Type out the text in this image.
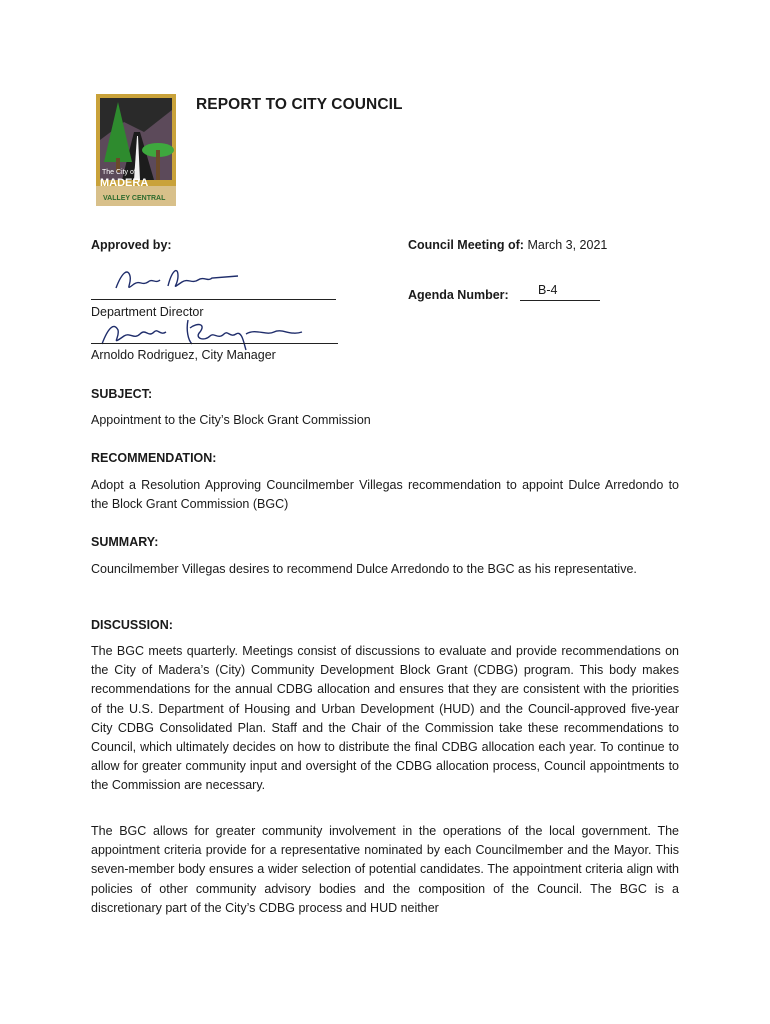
The City of
MADERA
VALLEY CENTRAL
REPORT TO CITY COUNCIL
Approved by:	Council Meeting of: March 3, 2021
Department Director
Agenda Number: B-4
Arnoldo Rodriguez, City Manager
SUBJECT:

Appointment to the City’s Block Grant Commission

RECOMMENDATION:

Adopt a Resolution Approving Councilmember Villegas recommendation to appoint Dulce Arredondo to the Block Grant Commission (BGC)

SUMMARY:

Councilmember Villegas desires to recommend Dulce Arredondo to the BGC as his representative.

DISCUSSION:

The BGC meets quarterly. Meetings consist of discussions to evaluate and provide recommendations on the City of Madera’s (City) Community Development Block Grant (CDBG) program. This body makes recommendations for the annual CDBG allocation and ensures that they are consistent with the priorities of the U.S. Department of Housing and Urban Development (HUD) and the Council-approved five-year City CDBG Consolidated Plan. Staff and the Chair of the Commission take these recommendations to Council, which ultimately decides on how to distribute the final CDBG allocation each year. To continue to allow for greater community input and oversight of the CDBG allocation process, Council appointments to the Commission are necessary.

The BGC allows for greater community involvement in the operations of the local government. The appointment criteria provide for a representative nominated by each Councilmember and the Mayor. This seven-member body ensures a wider selection of potential candidates. The appointment criteria align with policies of other community advisory bodies and the composition of the Council. The BGC is a discretionary part of the City’s CDBG process and HUD neither
